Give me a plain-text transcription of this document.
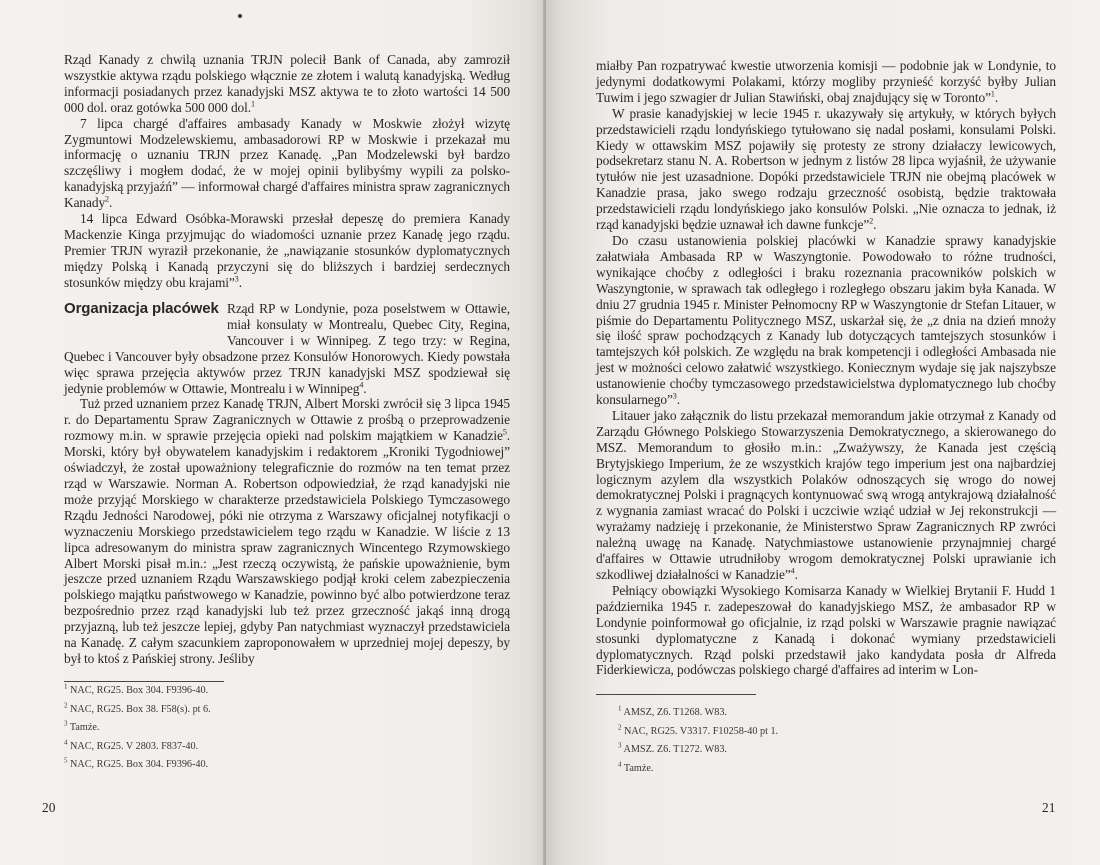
Rząd Kanady z chwilą uznania TRJN polecił Bank of Canada, aby zamroził wszystkie aktywa rządu polskiego włącznie ze złotem i walutą kanadyjską. Według informacji posiadanych przez kanadyjski MSZ aktywa te to złoto wartości 14 500 000 dol. oraz gotówka 500 000 dol.$^1$

7 lipca chargé d'affaires ambasady Kanady w Moskwie złożył wizytę Zygmuntowi Modzelewskiemu, ambasadorowi RP w Moskwie i przekazał mu informację o uznaniu TRJN przez Kanadę. „Pan Modzelewski był bardzo szczęśliwy i mogłem dodać, że w mojej opinii bylibyśmy wypili za polsko-kanadyjską przyjaźń” — informował chargé d'affaires ministra spraw zagranicznych Kanady$^2$.

14 lipca Edward Osóbka-Morawski przesłał depeszę do premiera Kanady Mackenzie Kinga przyjmując do wiadomości uznanie przez Kanadę jego rządu. Premier TRJN wyraził przekonanie, że „nawiązanie stosunków dyplomatycznych między Polską i Kanadą przyczyni się do bliższych i bardziej serdecznych stosunków między obu krajami”$^3$.

Organizacja placówek Rząd RP w Londynie, poza poselstwem w Ottawie, miał konsulaty w Montrealu, Quebec City, Regina, Vancouver i w Winnipeg. Z tego trzy: w Regina, Quebec i Vancouver były obsadzone przez Konsulów Honorowych. Kiedy powstała więc sprawa przejęcia aktywów przez TRJN kanadyjski MSZ spodziewał się jedynie problemów w Ottawie, Montrealu i w Winnipeg$^4$.

Tuż przed uznaniem przez Kanadę TRJN, Albert Morski zwrócił się 3 lipca 1945 r. do Departamentu Spraw Zagranicznych w Ottawie z prośbą o przeprowadzenie rozmowy m.in. w sprawie przejęcia opieki nad polskim majątkiem w Kanadzie$^5$. Morski, który był obywatelem kanadyjskim i redaktorem „Kroniki Tygodniowej” oświadczył, że został upoważniony telegraficznie do rozmów na ten temat przez rząd w Warszawie. Norman A. Robertson odpowiedział, że rząd kanadyjski nie może przyjąć Morskiego w charakterze przedstawiciela Polskiego Tymczasowego Rządu Jedności Narodowej, póki nie otrzyma z Warszawy oficjalnej notyfikacji o wyznaczeniu Morskiego przedstawicielem tego rządu w Kanadzie. W liście z 13 lipca adresowanym do ministra spraw zagranicznych Wincentego Rzymowskiego Albert Morski pisał m.in.: „Jest rzeczą oczywistą, że pańskie upoważnienie, bym jeszcze przed uznaniem Rządu Warszawskiego podjął kroki celem zabezpieczenia polskiego majątku państwowego w Kanadzie, powinno być albo potwierdzone teraz bezpośrednio przez rząd kanadyjski lub też przez grzeczność jakąś inną drogą przyjazną, lub też jeszcze lepiej, gdyby Pan natychmiast wyznaczył przedstawiciela na Kanadę. Z całym szacunkiem zaproponowałem w uprzedniej mojej depeszy, by był to ktoś z Pańskiej strony. Jeśliby

$^1$ NAC, RG25. Box 304. F9396-40.
$^2$ NAC, RG25. Box 38. F58(s). pt 6.
$^3$ Tamże.
$^4$ NAC, RG25. V 2803. F837-40.
$^5$ NAC, RG25. Box 304. F9396-40.
20

miałby Pan rozpatrywać kwestie utworzenia komisji — podobnie jak w Londynie, to jedynymi dodatkowymi Polakami, którzy mogliby przynieść korzyść byłby Julian Tuwim i jego szwagier dr Julian Stawiński, obaj znajdujący się w Toronto”$^1$.

W prasie kanadyjskiej w lecie 1945 r. ukazywały się artykuły, w których byłych przedstawicieli rządu londyńskiego tytułowano się nadal posłami, konsulami Polski. Kiedy w ottawskim MSZ pojawiły się protesty ze strony działaczy lewicowych, podsekretarz stanu N. A. Robertson w jednym z listów 28 lipca wyjaśnił, że używanie tytułów nie jest uzasadnione. Dopóki przedstawiciele TRJN nie obejmą placówek w Kanadzie prasa, jako swego rodzaju grzeczność osobistą, będzie traktowała przedstawicieli rządu londyńskiego jako konsulów Polski. „Nie oznacza to jednak, iż rząd kanadyjski będzie uznawał ich dawne funkcje”$^2$.

Do czasu ustanowienia polskiej placówki w Kanadzie sprawy kanadyjskie załatwiała Ambasada RP w Waszyngtonie. Powodowało to różne trudności, wynikające choćby z odległości i braku rozeznania pracowników polskich w Waszyngtonie, w sprawach tak odległego i rozległego obszaru jakim była Kanada. W dniu 27 grudnia 1945 r. Minister Pełnomocny RP w Waszyngtonie dr Stefan Litauer, w piśmie do Departamentu Politycznego MSZ, uskarżał się, że „z dnia na dzień mnoży się ilość spraw pochodzących z Kanady lub dotyczących tamtejszych stosunków i tamtejszych kół polskich. Ze względu na brak kompetencji i odległości Ambasada nie jest w możności celowo załatwić wszystkiego. Koniecznym wydaje się jak najszybsze ustanowienie choćby tymczasowego przedstawicielstwa dyplomatycznego lub choćby konsularnego”$^3$.

Litauer jako załącznik do listu przekazał memorandum jakie otrzymał z Kanady od Zarządu Głównego Polskiego Stowarzyszenia Demokratycznego, a skierowanego do MSZ. Memorandum to głosiło m.in.: „Zważywszy, że Kanada jest częścią Brytyjskiego Imperium, że ze wszystkich krajów tego imperium jest ona najbardziej logicznym azylem dla wszystkich Polaków odnoszących się wrogo do nowej demokratycznej Polski i pragnących kontynuować swą wrogą antykrajową działalność z wygnania zamiast wracać do Polski i uczciwie wziąć udział w Jej rekonstrukcji — wyrażamy nadzieję i przekonanie, że Ministerstwo Spraw Zagranicznych RP zwróci należną uwagę na Kanadę. Natychmiastowe ustanowienie przynajmniej chargé d'affaires w Ottawie utrudniłoby wrogom demokratycznej Polski uprawianie ich szkodliwej działalności w Kanadzie”$^4$.

Pełniący obowiązki Wysokiego Komisarza Kanady w Wielkiej Brytanii F. Hudd 1 października 1945 r. zadepeszował do kanadyjskiego MSZ, że ambasador RP w Londynie poinformował go oficjalnie, iz rząd polski w Warszawie pragnie nawiązać stosunki dyplomatyczne z Kanadą i dokonać wymiany przedstawicieli dyplomatycznych. Rząd polski przedstawił jako kandydata posła dr Alfreda Fiderkiewicza, podówczas polskiego chargé d'affaires ad interim w Lon-

$^1$ AMSZ, Z6. T1268. W83.
$^2$ NAC, RG25. V3317. F10258-40 pt 1.
$^3$ AMSZ. Z6. T1272. W83.
$^4$ Tamże.
21
